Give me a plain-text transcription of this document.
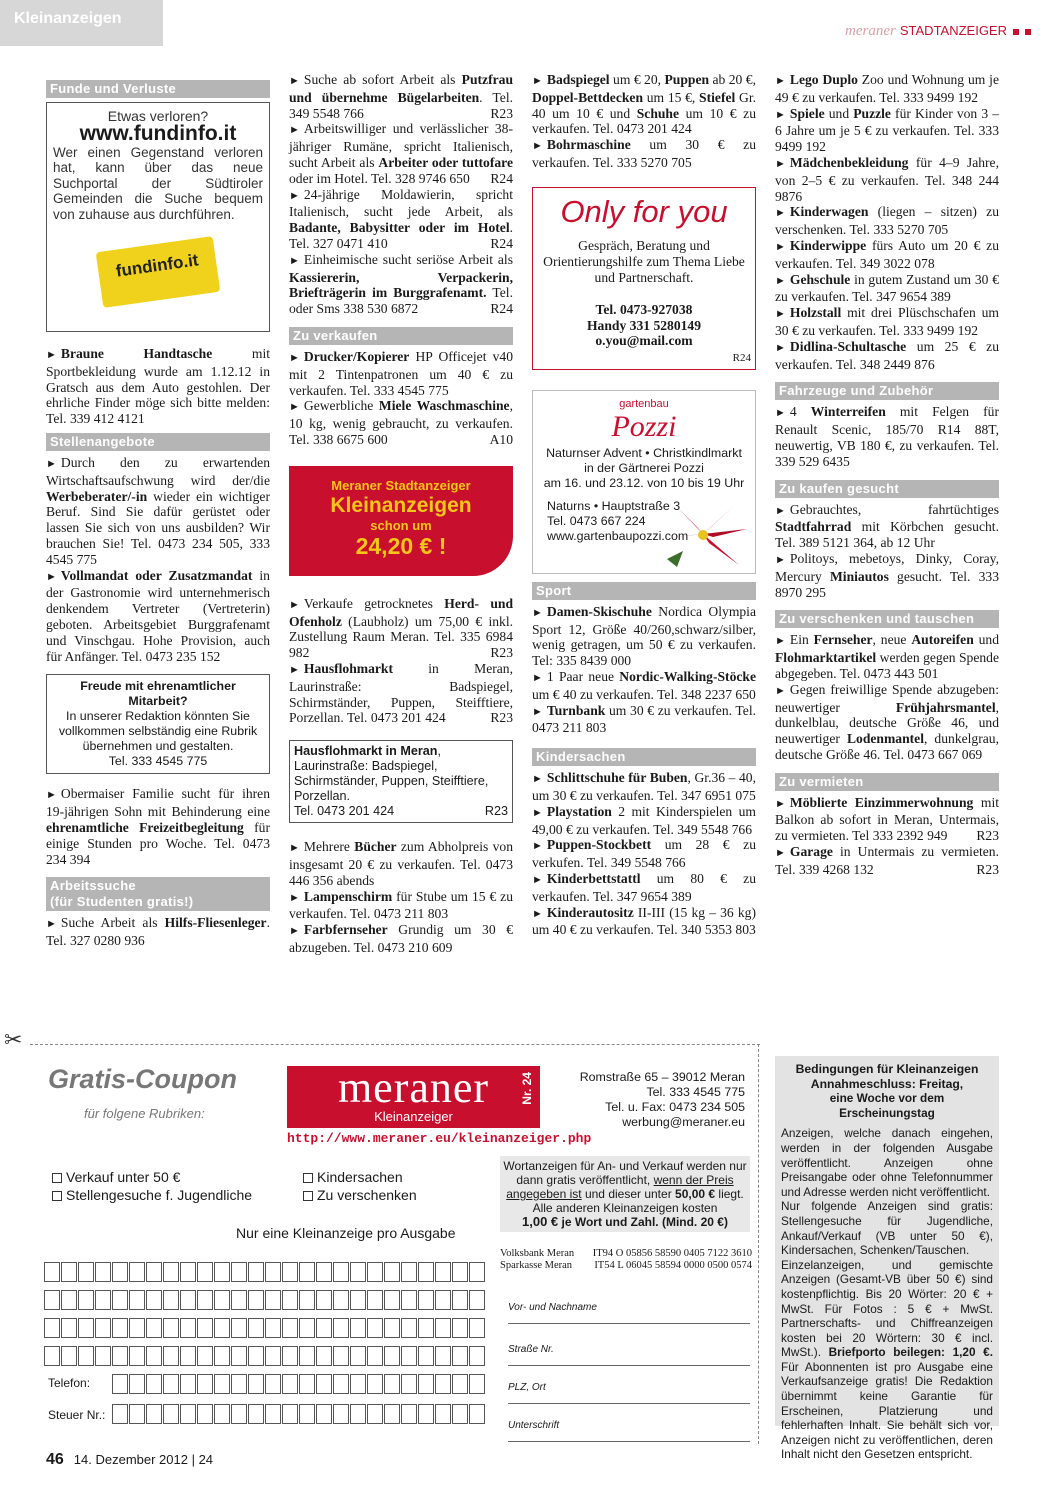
Kleinanzeigen
meraner STADTANZEIGER
Funde und Verluste
Etwas verloren?
www.fundinfo.it
Wer einen Gegenstand verloren hat, kann über das neue Suchportal der Südtiroler Gemeinden die Suche bequem von zuhause aus durchführen.
fundinfo.it

► Braune Handtasche mit Sportbekleidung wurde am 1.12.12 in Gratsch aus dem Auto gestohlen. Der ehrliche Finder möge sich bitte melden: Tel. 339 412 4121

Stellenangebote

► Durch den zu erwartenden Wirtschaftsaufschwung wird der/die Werbeberater/-in wieder ein wichtiger Beruf. Sind Sie dafür gerüstet oder lassen Sie sich von uns ausbilden? Wir brauchen Sie! Tel. 0473 234 505, 333 4545 775

► Vollmandat oder Zusatzmandat in der Gastronomie wird unternehmerisch denkendem Vertreter (Vertreterin) geboten. Arbeitsgebiet Burggrafenamt und Vinschgau. Hohe Provision, auch für Anfänger. Tel. 0473 235 152

Freude mit ehrenamtlicher Mitarbeit?
In unserer Redaktion könnten Sie vollkommen selbständig eine Rubrik übernehmen und gestalten.
Tel. 333 4545 775

► Obermaiser Familie sucht für ihren 19-jährigen Sohn mit Behinderung eine ehrenamtliche Freizeitbegleitung für einige Stunden pro Woche. Tel. 0473 234 394

Arbeitssuche
(für Studenten gratis!)

► Suche Arbeit als Hilfs-Fliesenleger. Tel. 327 0280 936

► Suche ab sofort Arbeit als Putzfrau und übernehme Bügelarbeiten. Tel. 349 5548 766	R23

► Arbeitswilliger und verlässlicher 38-jähriger Rumäne, spricht Italienisch, sucht Arbeit als Arbeiter oder tuttofare oder im Hotel. Tel. 328 9746 650 R24

► 24-jährige Moldawierin, spricht Italienisch, sucht jede Arbeit, als Badante, Babysitter oder im Hotel. Tel. 327 0471 410	R24

► Einheimische sucht seriöse Arbeit als Kassiererin, Verpackerin, Briefträgerin im Burggrafenamt. Tel. oder Sms 338 530 6872	R24

Zu verkaufen

► Drucker/Kopierer HP Officejet v40 mit 2 Tintenpatronen um 40 € zu verkaufen. Tel. 333 4545 775

► Gewerbliche Miele Waschmaschine, 10 kg, wenig gebraucht, zu verkaufen. Tel. 338 6675 600	A10

Meraner Stadtanzeiger
Kleinanzeigen
schon um
24,20 € !

► Verkaufe getrocknetes Herd- und Ofenholz (Laubholz) um 75,00 € inkl. Zustellung Raum Meran. Tel. 335 6984 982	R23

► Hausflohmarkt in Meran, Laurinstraße: Badspiegel, Schirmständer, Puppen, Steifftiere, Porzellan. Tel. 0473 201 424	R23

Hausflohmarkt in Meran, Laurinstraße: Badspiegel, Schirmständer, Puppen, Steifftiere, Porzellan.
Tel. 0473 201 424	R23

► Mehrere Bücher zum Abholpreis von insgesamt 20 € zu verkaufen. Tel. 0473 446 356 abends

► Lampenschirm für Stube um 15 € zu verkaufen. Tel. 0473 211 803

► Farbfernseher Grundig um 30 € abzugeben. Tel. 0473 210 609

► Badspiegel um € 20, Puppen ab 20 €, Doppel-Bettdecken um 15 €, Stiefel Gr. 40 um 10 € und Schuhe um 10 € zu verkaufen. Tel. 0473 201 424

► Bohrmaschine um 30 € zu verkaufen. Tel. 333 5270 705

Only for you
Gespräch, Beratung und Orientierungshilfe zum Thema Liebe und Partnerschaft.
Tel. 0473-927038
Handy 331 5280149
o.you@mail.com
R24
gartenbau
Pozzi
Naturnser Advent • Christkindlmarkt
in der Gärtnerei Pozzi
am 16. und 23.12. von 10 bis 19 Uhr
Naturns • Hauptstraße 3
Tel. 0473 667 224
www.gartenbaupozzi.com
Sport

► Damen-Skischuhe Nordica Olympia Sport 12, Größe 40/260,schwarz/silber, wenig getragen, um 50 € zu verkaufen. Tel: 335 8439 000

► 1 Paar neue Nordic-Walking-Stöcke um € 40 zu verkaufen. Tel. 348 2237 650

► Turnbank um 30 € zu verkaufen. Tel. 0473 211 803

Kindersachen

► Schlittschuhe für Buben, Gr.36 – 40, um 30 € zu verkaufen. Tel. 347 6951 075

► Playstation 2 mit Kinderspielen um 49,00 € zu verkaufen. Tel. 349 5548 766

► Puppen-Stockbett um 28 € zu verkufen. Tel. 349 5548 766

► Kinderbettstattl um 80 € zu verkaufen. Tel. 347 9654 389

► Kinderautositz II-III (15 kg – 36 kg) um 40 € zu verkaufen. Tel. 340 5353 803

► Lego Duplo Zoo und Wohnung um je 49 € zu verkaufen. Tel. 333 9499 192

► Spiele und Puzzle für Kinder von 3 – 6 Jahre um je 5 € zu verkaufen. Tel. 333 9499 192

► Mädchenbekleidung für 4–9 Jahre, von 2–5 € zu verkaufen. Tel. 348 244 9876

► Kinderwagen (liegen – sitzen) zu verschenken. Tel. 333 5270 705

► Kinderwippe fürs Auto um 20 € zu verkaufen. Tel. 349 3022 078

► Gehschule in gutem Zustand um 30 € zu verkaufen. Tel. 347 9654 389

► Holzstall mit drei Plüschschafen um 30 € zu verkaufen. Tel. 333 9499 192

► Didlina-Schultasche um 25 € zu verkaufen. Tel. 348 2449 876

Fahrzeuge und Zubehör

► 4 Winterreifen mit Felgen für Renault Scenic, 185/70 R14 88T, neuwertig, VB 180 €, zu verkaufen. Tel. 339 529 6435

Zu kaufen gesucht

► Gebrauchtes, fahrtüchtiges Stadtfahrrad mit Körbchen gesucht. Tel. 389 5121 364, ab 12 Uhr

► Politoys, mebetoys, Dinky, Coray, Mercury Miniautos gesucht. Tel. 333 8970 295

Zu verschenken und tauschen

► Ein Fernseher, neue Autoreifen und Flohmarktartikel werden gegen Spende abgegeben. Tel. 0473 443 501

► Gegen freiwillige Spende abzugeben: neuwertiger Frühjahrsmantel, dunkelblau, deutsche Größe 46, und neuwertiger Lodenmantel, dunkelgrau, deutsche Größe 46. Tel. 0473 667 069

Zu vermieten

► Möblierte Einzimmerwohnung mit Balkon ab sofort in Meran, Untermais, zu vermieten. Tel 333 2392 949 R23

► Garage in Untermais zu vermieten. Tel. 339 4268 132	R23

✂
Gratis-Coupon
für folgene Rubriken:
meraner
Kleinanzeiger
Nr. 24
http://www.meraner.eu/kleinanzeiger.php
Romstraße 65 – 39012 Meran
Tel. 333 4545 775
Tel. u. Fax: 0473 234 505
werbung@meraner.eu
Verkauf unter 50 €
Stellengesuche f. Jugendliche
Kindersachen
Zu verschenken
Nur eine Kleinanzeige pro Ausgabe
Telefon:
Steuer Nr.:
Wortanzeigen für An- und Verkauf werden nur dann gratis veröffentlicht, wenn der Preis angegeben ist und dieser unter 50,00 € liegt.
Alle anderen Kleinanzeigen kosten
1,00 € je Wort und Zahl. (Mind. 20 €)
Volksbank Meran IT94 O 05856 58590 0405 7122 3610
Sparkasse Meran IT54 L 06045 58594 0000 0500 0574
Vor- und Nachname
Straße Nr.
PLZ, Ort
Unterschrift
Bedingungen für Kleinanzeigen
Annahmeschluss: Freitag,
eine Woche vor dem Erscheinungstag
Anzeigen, welche danach eingehen, werden in der folgenden Ausgabe veröffentlicht. Anzeigen ohne Preisangabe oder ohne Telefonnummer und Adresse werden nicht veröffentlicht.
Nur folgende Anzeigen sind gratis: Stellengesuche für Jugendliche, Ankauf/Verkauf (VB unter 50 €), Kindersachen, Schenken/Tauschen.
Einzelanzeigen, und gemischte Anzeigen (Gesamt-VB über 50 €) sind kostenpflichtig. Bis 20 Wörter: 20 € + MwSt. Für Fotos : 5 € + MwSt. Partnerschafts- und Chiffreanzeigen kosten bei 20 Wörtern: 30 € incl. MwSt.). Briefporto beilegen: 1,20 €. Für Abonnenten ist pro Ausgabe eine Verkaufsanzeige gratis! Die Redaktion übernimmt keine Garantie für Erscheinen, Platzierung und fehlerhaften Inhalt. Sie behält sich vor, Anzeigen nicht zu veröffentlichen, deren Inhalt nicht den Gesetzen entspricht.
46 14. Dezember 2012 | 24
